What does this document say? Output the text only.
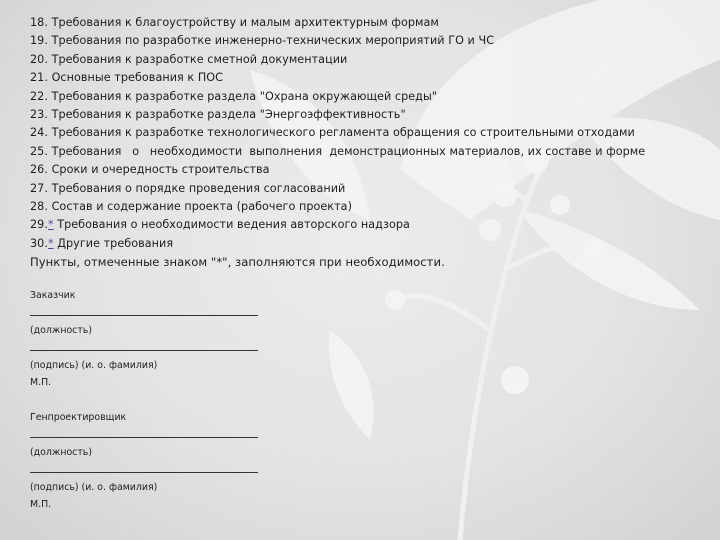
18. Требования к благоустройству и малым архитектурным формам
19. Требования по разработке инженерно-технических мероприятий ГО и ЧС
20. Требования к разработке сметной документации
21. Основные требования к ПОС
22. Требования к разработке раздела "Охрана окружающей среды"
23. Требования к разработке раздела "Энергоэффективность"
24. Требования к разработке технологического регламента обращения со строительными отходами
25. Требования   о   необходимости  выполнения  демонстрационных материалов, их составе и форме
26. Сроки и очередность строительства
27. Требования о порядке проведения согласований
28. Состав и содержание проекта (рабочего проекта)
29.* Требования о необходимости ведения авторского надзора
30.* Другие требования
Пункты, отмеченные знаком "*", заполняются при необходимости.
Заказчик
(должность)
(подпись) (и. о. фамилия)
М.П.
Генпроектировщик
(должность)
(подпись) (и. о. фамилия)
М.П.
